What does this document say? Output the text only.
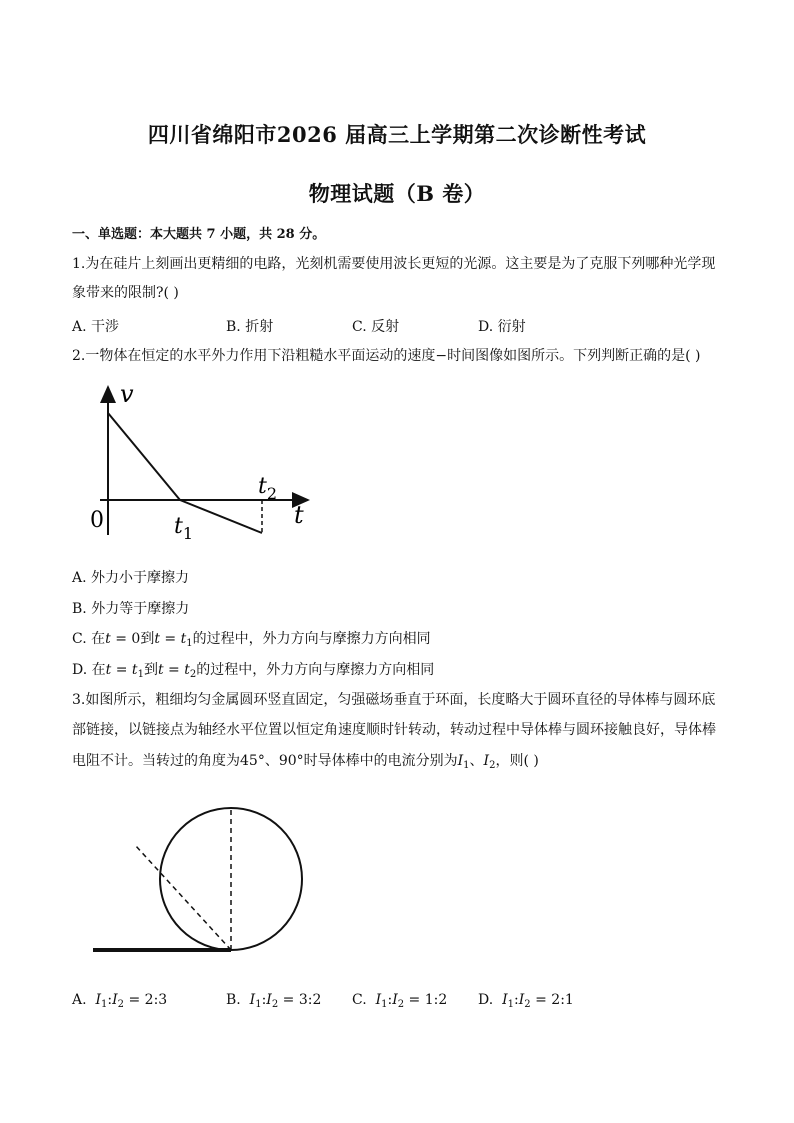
四川省绵阳市2026 届高三上学期第二次诊断性考试
物理试题（B 卷）
一、单选题：本大题共 7 小题，共 28 分。
1.为在硅片上刻画出更精细的电路，光刻机需要使用波长更短的光源。这主要是为了克服下列哪种光学现
象带来的限制?( )
A. 干涉	B. 折射	C. 反射	D. 衍射
2.一物体在恒定的水平外力作用下沿粗糙水平面运动的速度−时间图像如图所示。下列判断正确的是( )
v
t
0	$t_1$
$t_2$
A. 外力小于摩擦力
B. 外力等于摩擦力
C. 在t = 0到$t = t_1$的过程中，外力方向与摩擦力方向相同
D. 在$t = t_1$到$t = t_2$的过程中，外力方向与摩擦力方向相同
3.如图所示，粗细均匀金属圆环竖直固定，匀强磁场垂直于环面，长度略大于圆环直径的导体棒与圆环底
部链接，以链接点为轴经水平位置以恒定角速度顺时针转动，转动过程中导体棒与圆环接触良好，导体棒
电阻不计。当转过的角度为45°、90°时导体棒中的电流分别为$I_1$、$I_2$，则( )
A. $I_1:I_2$ = 2:3	B. $I_1:I_2$ = 3:2 C. $I_1:I_2$ = 1:2 D. $I_1:I_2$ = 2:1
